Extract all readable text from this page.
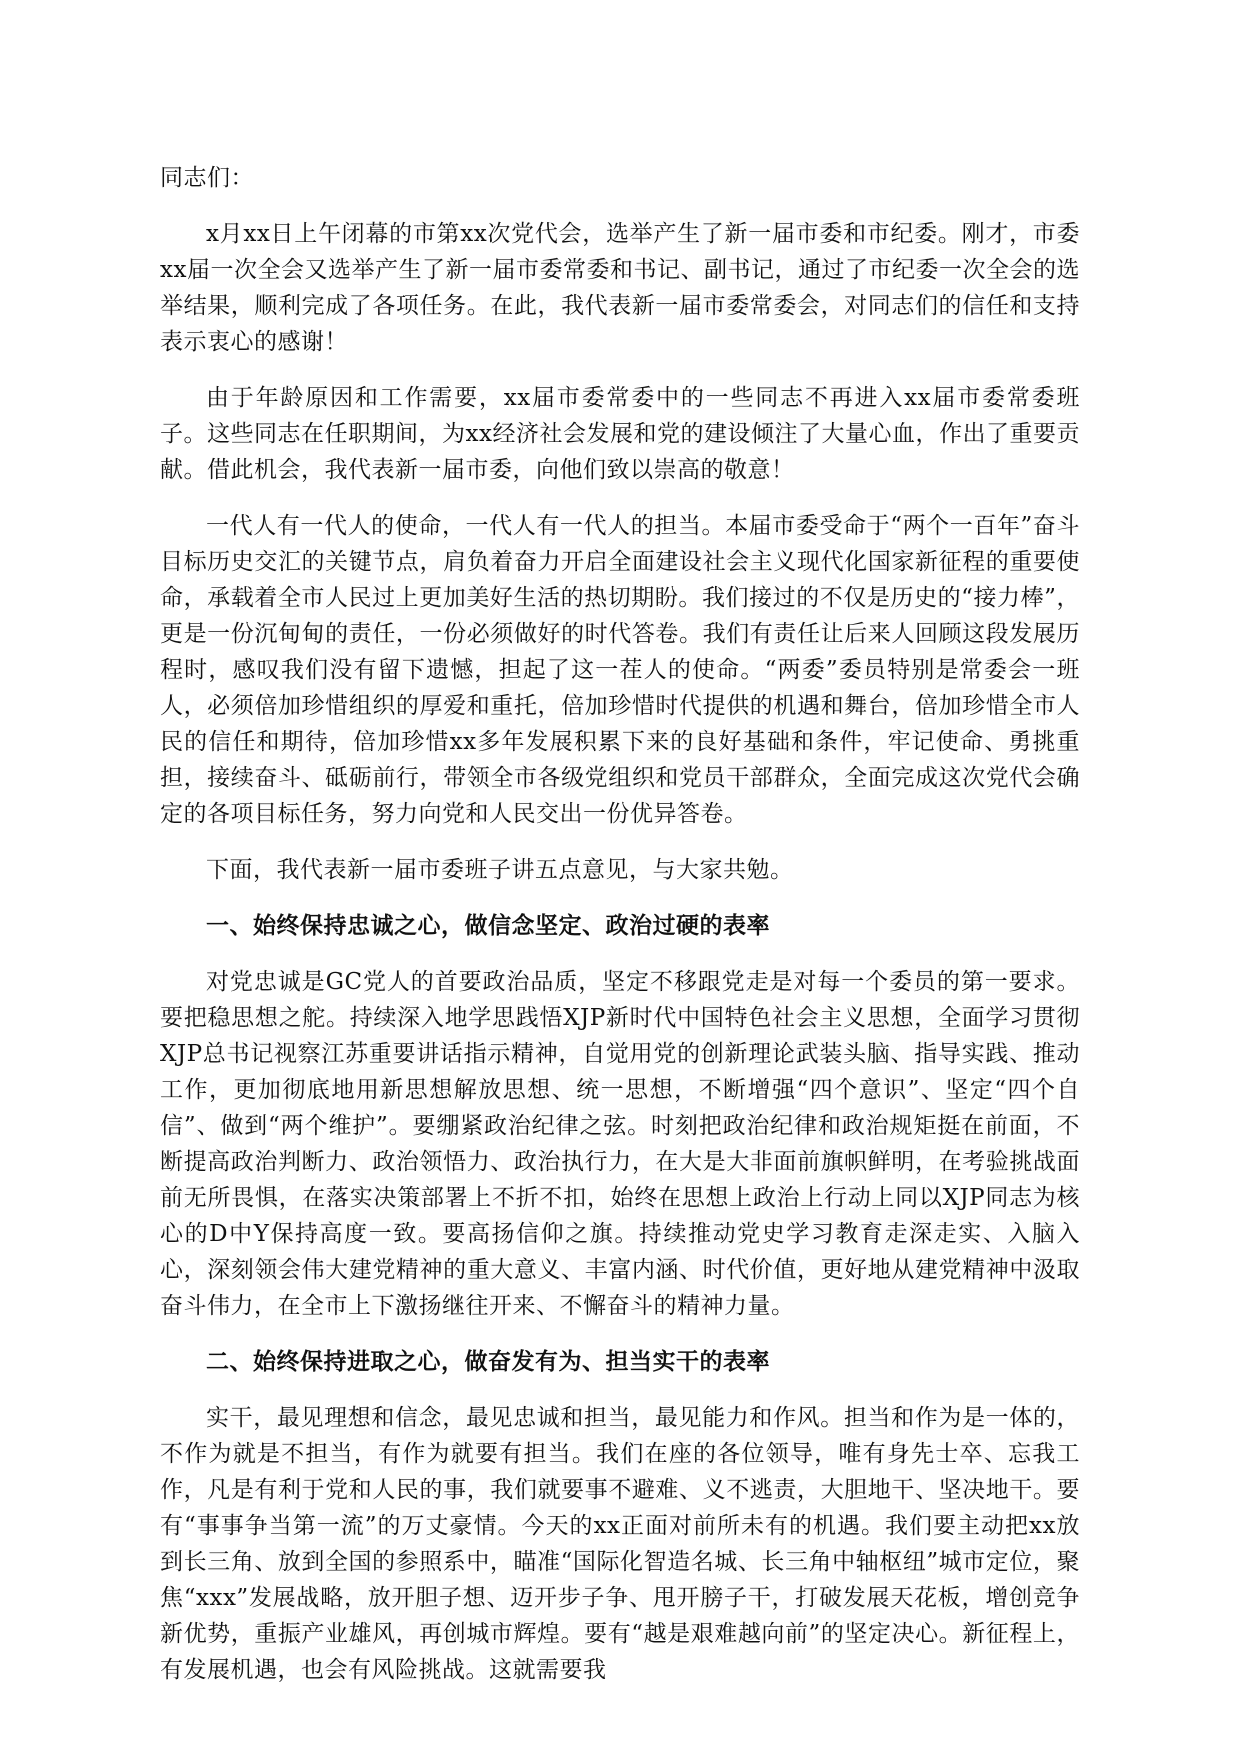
同志们：

x月xx日上午闭幕的市第xx次党代会，选举产生了新一届市委和市纪委。刚才，市委xx届一次全会又选举产生了新一届市委常委和书记、副书记，通过了市纪委一次全会的选举结果，顺利完成了各项任务。在此，我代表新一届市委常委会，对同志们的信任和支持表示衷心的感谢！

由于年龄原因和工作需要，xx届市委常委中的一些同志不再进入xx届市委常委班子。这些同志在任职期间，为xx经济社会发展和党的建设倾注了大量心血，作出了重要贡献。借此机会，我代表新一届市委，向他们致以崇高的敬意！

一代人有一代人的使命，一代人有一代人的担当。本届市委受命于“两个一百年”奋斗目标历史交汇的关键节点，肩负着奋力开启全面建设社会主义现代化国家新征程的重要使命，承载着全市人民过上更加美好生活的热切期盼。我们接过的不仅是历史的“接力棒”，更是一份沉甸甸的责任，一份必须做好的时代答卷。我们有责任让后来人回顾这段发展历程时，感叹我们没有留下遗憾，担起了这一茬人的使命。“两委”委员特别是常委会一班人，必须倍加珍惜组织的厚爱和重托，倍加珍惜时代提供的机遇和舞台，倍加珍惜全市人民的信任和期待，倍加珍惜xx多年发展积累下来的良好基础和条件，牢记使命、勇挑重担，接续奋斗、砥砺前行，带领全市各级党组织和党员干部群众，全面完成这次党代会确定的各项目标任务，努力向党和人民交出一份优异答卷。

下面，我代表新一届市委班子讲五点意见，与大家共勉。

一、始终保持忠诚之心，做信念坚定、政治过硬的表率

对党忠诚是GC党人的首要政治品质，坚定不移跟党走是对每一个委员的第一要求。要把稳思想之舵。持续深入地学思践悟XJP新时代中国特色社会主义思想，全面学习贯彻XJP总书记视察江苏重要讲话指示精神，自觉用党的创新理论武装头脑、指导实践、推动工作，更加彻底地用新思想解放思想、统一思想，不断增强“四个意识”、坚定“四个自信”、做到“两个维护”。要绷紧政治纪律之弦。时刻把政治纪律和政治规矩挺在前面，不断提高政治判断力、政治领悟力、政治执行力，在大是大非面前旗帜鲜明，在考验挑战面前无所畏惧，在落实决策部署上不折不扣，始终在思想上政治上行动上同以XJP同志为核心的D中Y保持高度一致。要高扬信仰之旗。持续推动党史学习教育走深走实、入脑入心，深刻领会伟大建党精神的重大意义、丰富内涵、时代价值，更好地从建党精神中汲取奋斗伟力，在全市上下激扬继往开来、不懈奋斗的精神力量。

二、始终保持进取之心，做奋发有为、担当实干的表率

实干，最见理想和信念，最见忠诚和担当，最见能力和作风。担当和作为是一体的，不作为就是不担当，有作为就要有担当。我们在座的各位领导，唯有身先士卒、忘我工作，凡是有利于党和人民的事，我们就要事不避难、义不逃责，大胆地干、坚决地干。要有“事事争当第一流”的万丈豪情。今天的xx正面对前所未有的机遇。我们要主动把xx放到长三角、放到全国的参照系中，瞄准“国际化智造名城、长三角中轴枢纽”城市定位，聚焦“xxx”发展战略，放开胆子想、迈开步子争、甩开膀子干，打破发展天花板，增创竞争新优势，重振产业雄风，再创城市辉煌。要有“越是艰难越向前”的坚定决心。新征程上，有发展机遇，也会有风险挑战。这就需要我
